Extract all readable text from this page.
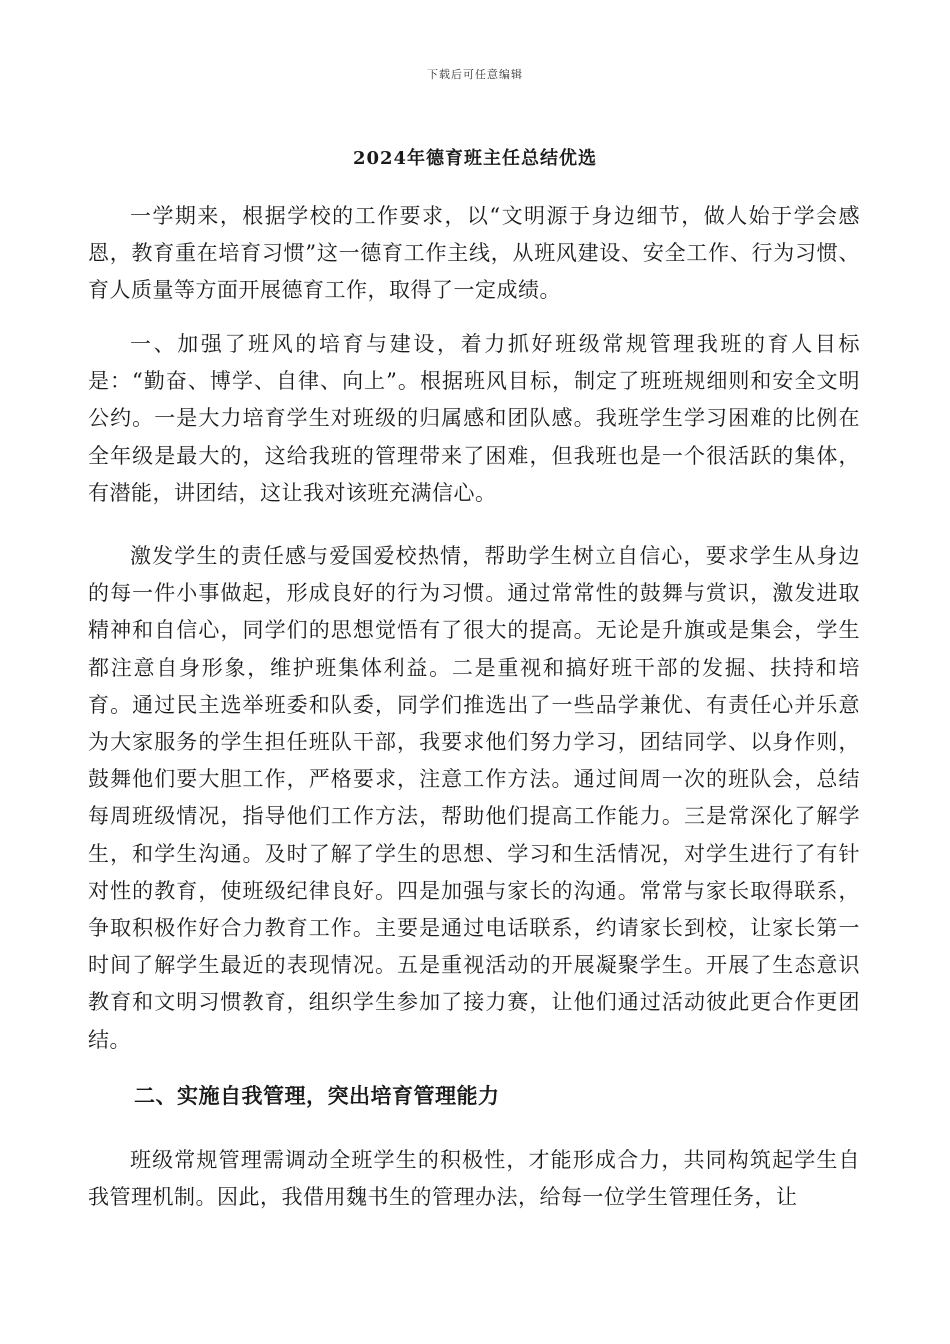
下载后可任意编辑
2024年德育班主任总结优选

一学期来，根据学校的工作要求，以“文明源于身边细节，做人始于学会感恩，教育重在培育习惯”这一德育工作主线，从班风建设、安全工作、行为习惯、育人质量等方面开展德育工作，取得了一定成绩。

一、加强了班风的培育与建设，着力抓好班级常规管理我班的育人目标是：“勤奋、博学、自律、向上”。根据班风目标，制定了班班规细则和安全文明公约。一是大力培育学生对班级的归属感和团队感。我班学生学习困难的比例在全年级是最大的，这给我班的管理带来了困难，但我班也是一个很活跃的集体，有潜能，讲团结，这让我对该班充满信心。

激发学生的责任感与爱国爱校热情，帮助学生树立自信心，要求学生从身边的每一件小事做起，形成良好的行为习惯。通过常常性的鼓舞与赏识，激发进取精神和自信心，同学们的思想觉悟有了很大的提高。无论是升旗或是集会，学生都注意自身形象，维护班集体利益。二是重视和搞好班干部的发掘、扶持和培育。通过民主选举班委和队委，同学们推选出了一些品学兼优、有责任心并乐意为大家服务的学生担任班队干部，我要求他们努力学习，团结同学、以身作则，鼓舞他们要大胆工作，严格要求，注意工作方法。通过间周一次的班队会，总结每周班级情况，指导他们工作方法，帮助他们提高工作能力。三是常深化了解学生，和学生沟通。及时了解了学生的思想、学习和生活情况，对学生进行了有针对性的教育，使班级纪律良好。四是加强与家长的沟通。常常与家长取得联系，争取积极作好合力教育工作。主要是通过电话联系，约请家长到校，让家长第一时间了解学生最近的表现情况。五是重视活动的开展凝聚学生。开展了生态意识教育和文明习惯教育，组织学生参加了接力赛，让他们通过活动彼此更合作更团结。

二、实施自我管理，突出培育管理能力

班级常规管理需调动全班学生的积极性，才能形成合力，共同构筑起学生自我管理机制。因此，我借用魏书生的管理办法，给每一位学生管理任务，让
